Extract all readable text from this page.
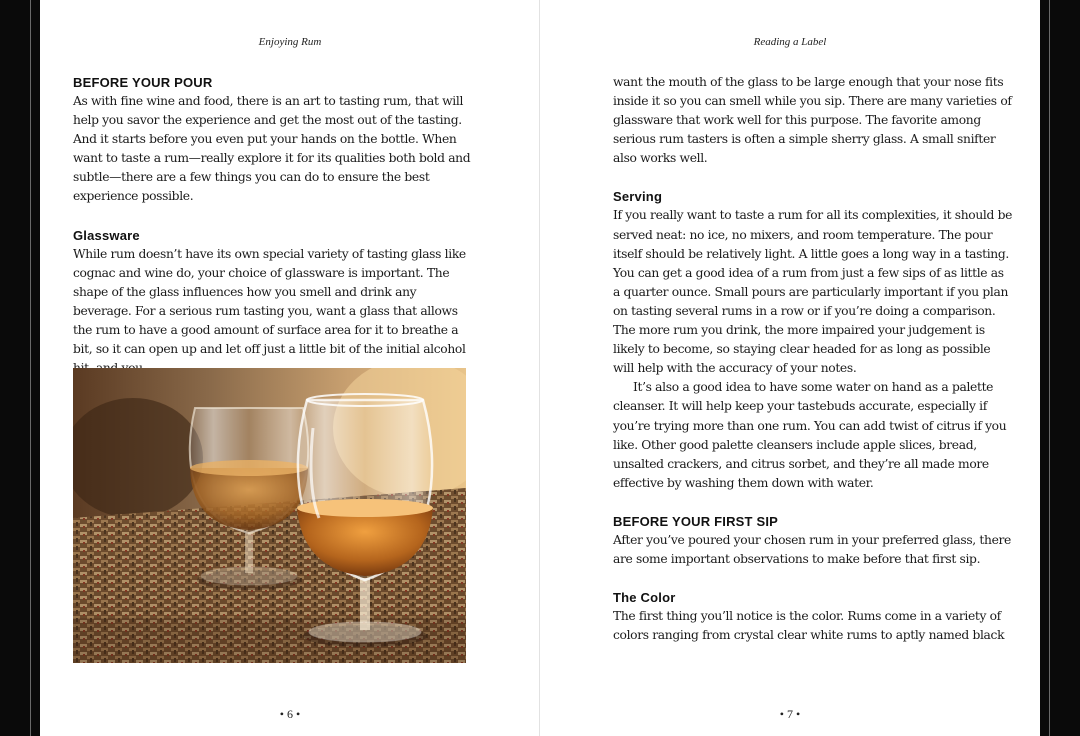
Enjoying Rum
BEFORE YOUR POUR

As with fine wine and food, there is an art to tasting rum, that will help you savor the experience and get the most out of the tasting. And it starts before you even put your hands on the bottle. When want to taste a rum—really explore it for its qualities both bold and subtle—there are a few things you can do to ensure the best experience possible.

Glassware

While rum doesn’t have its own special variety of tasting glass like cognac and wine do, your choice of glassware is important. The shape of the glass influences how you smell and drink any beverage. For a serious rum tasting you, want a glass that allows the rum to have a good amount of surface area for it to breathe a bit, so it can open up and let off just a little bit of the initial alcohol

• 6 •
Reading a Label

want the mouth of the glass to be large enough that your nose fits inside it so you can smell while you sip. There are many varieties of glassware that work well for this purpose. The favorite among serious rum tasters is often a simple sherry glass. A small snifter also works well.

Serving

If you really want to taste a rum for all its complexities, it should be served neat: no ice, no mixers, and room temperature. The pour itself should be relatively light. A little goes a long way in a tasting. You can get a good idea of a rum from just a few sips of as little as a quarter ounce. Small pours are particularly important if you plan on tasting several rums in a row or if you’re doing a comparison. The more rum you drink, the more impaired your judgement is likely to become, so staying clear headed for as long as possible will help with the accuracy of your notes.

It’s also a good idea to have some water on hand as a palette cleanser. It will help keep your tastebuds accurate, especially if you’re trying more than one rum. You can add twist of citrus if you like. Other good palette cleansers include apple slices, bread, unsalted crackers, and citrus sorbet, and they’re all made more effective by washing them down with water.

BEFORE YOUR FIRST SIP

After you’ve poured your chosen rum in your preferred glass, there are some important observations to make before that first sip.

The Color

The first thing you’ll notice is the color. Rums come in a variety of colors ranging from crystal clear white rums to aptly named black

• 7 •
